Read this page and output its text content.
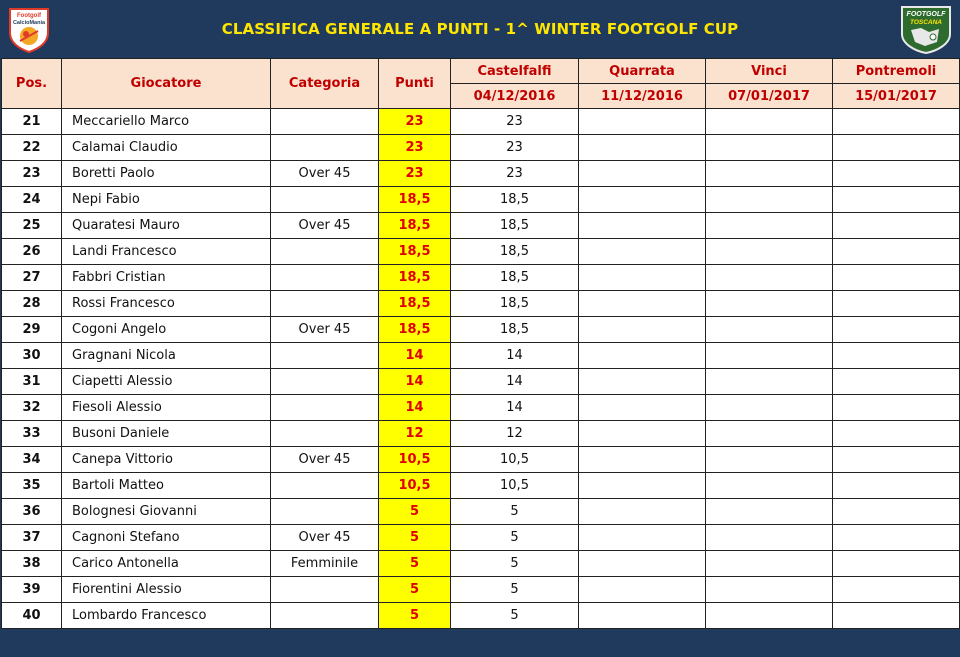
Footgolf
CalcioMania	CLASSIFICA GENERALE A PUNTI - 1^ WINTER FOOTGOLF CUP
FOOTGOLF
TOSCANA
Pos.	Giocatore	Categoria	Punti	Castelfalfi	Quarrata	Vinci	Pontremoli
				04/12/2016	11/12/2016	07/01/2017	15/01/2017
21	Meccariello Marco		23	23			
22	Calamai Claudio		23	23			
23	Boretti Paolo	Over 45	23	23			
24	Nepi Fabio		18,5	18,5			
25	Quaratesi Mauro	Over 45	18,5	18,5			
26	Landi Francesco		18,5	18,5			
27	Fabbri Cristian		18,5	18,5			
28	Rossi Francesco		18,5	18,5			
29	Cogoni Angelo	Over 45	18,5	18,5			
30	Gragnani Nicola		14	14			
31	Ciapetti Alessio		14	14			
32	Fiesoli Alessio		14	14			
33	Busoni Daniele		12	12			
34	Canepa Vittorio	Over 45	10,5	10,5			
35	Bartoli Matteo		10,5	10,5			
36	Bolognesi Giovanni		5	5			
37	Cagnoni Stefano	Over 45	5	5			
38	Carico Antonella	Femminile	5	5			
39	Fiorentini Alessio		5	5			
40	Lombardo Francesco		5	5			
